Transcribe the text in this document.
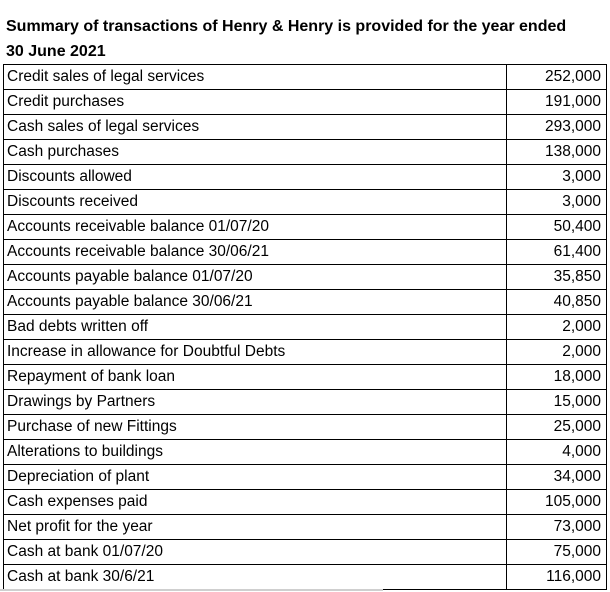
Summary of transactions of Henry & Henry is provided for the year ended
30 June 2021
Credit sales of legal services	252,000
Credit purchases	191,000
Cash sales of legal services	293,000
Cash purchases	138,000
Discounts allowed	3,000
Discounts received	3,000
Accounts receivable balance 01/07/20	50,400
Accounts receivable balance 30/06/21	61,400
Accounts payable balance 01/07/20	35,850
Accounts payable balance 30/06/21	40,850
Bad debts written off	2,000
Increase in allowance for Doubtful Debts	2,000
Repayment of bank loan	18,000
Drawings by Partners	15,000
Purchase of new Fittings	25,000
Alterations to buildings	4,000
Depreciation of plant	34,000
Cash expenses paid	105,000
Net profit for the year	73,000
Cash at bank 01/07/20	75,000
Cash at bank 30/6/21	116,000
